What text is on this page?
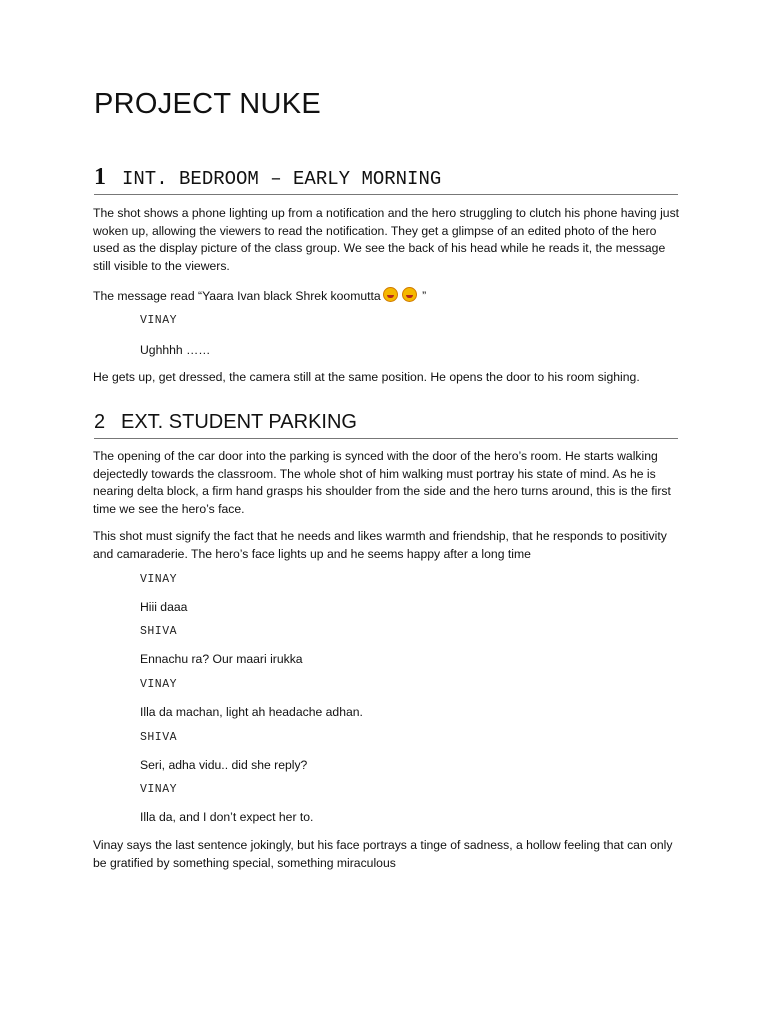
PROJECT NUKE
1 INT. BEDROOM – EARLY MORNING
The shot shows a phone lighting up from a notification and the hero struggling to clutch his phone having just woken up, allowing the viewers to read the notification. They get a glimpse of an edited photo of the hero used as the display picture of the class group. We see the back of his head while he reads it, the message still visible to the viewers.
The message read “Yaara Ivan black Shrek koomutta	”
VINAY
Ughhhh ……
He gets up, get dressed, the camera still at the same position. He opens the door to his room sighing.
2 EXT. STUDENT PARKING
The opening of the car door into the parking is synced with the door of the hero’s room. He starts walking dejectedly towards the classroom. The whole shot of him walking must portray his state of mind. As he is nearing delta block, a firm hand grasps his shoulder from the side and the hero turns around, this is the first time we see the hero’s face.
This shot must signify the fact that he needs and likes warmth and friendship, that he responds to positivity and camaraderie. The hero’s face lights up and he seems happy after a long time
VINAY
Hiii daaa
SHIVA
Ennachu ra? Our maari irukka
VINAY
Illa da machan, light ah headache adhan.
SHIVA
Seri, adha vidu.. did she reply?
VINAY
Illa da, and I don’t expect her to.
Vinay says the last sentence jokingly, but his face portrays a tinge of sadness, a hollow feeling that can only be gratified by something special, something miraculous
